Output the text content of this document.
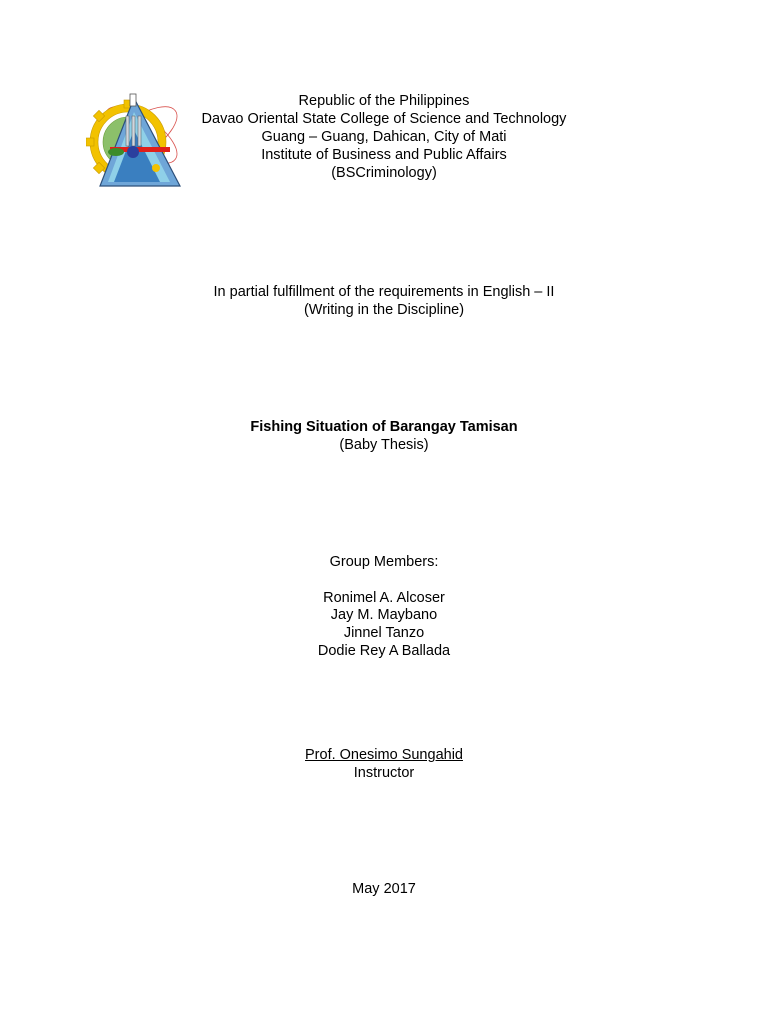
Republic of the Philippines
Davao Oriental State College of Science and Technology
Guang – Guang, Dahican, City of Mati
Institute of Business and Public Affairs
(BSCriminology)
In partial fulfillment of the requirements in English – II
(Writing in the Discipline)
Fishing Situation of Barangay Tamisan
(Baby Thesis)
Group Members:
Ronimel A. Alcoser
Jay M. Maybano
Jinnel Tanzo
Dodie Rey A Ballada
Prof. Onesimo Sungahid
Instructor
May 2017
